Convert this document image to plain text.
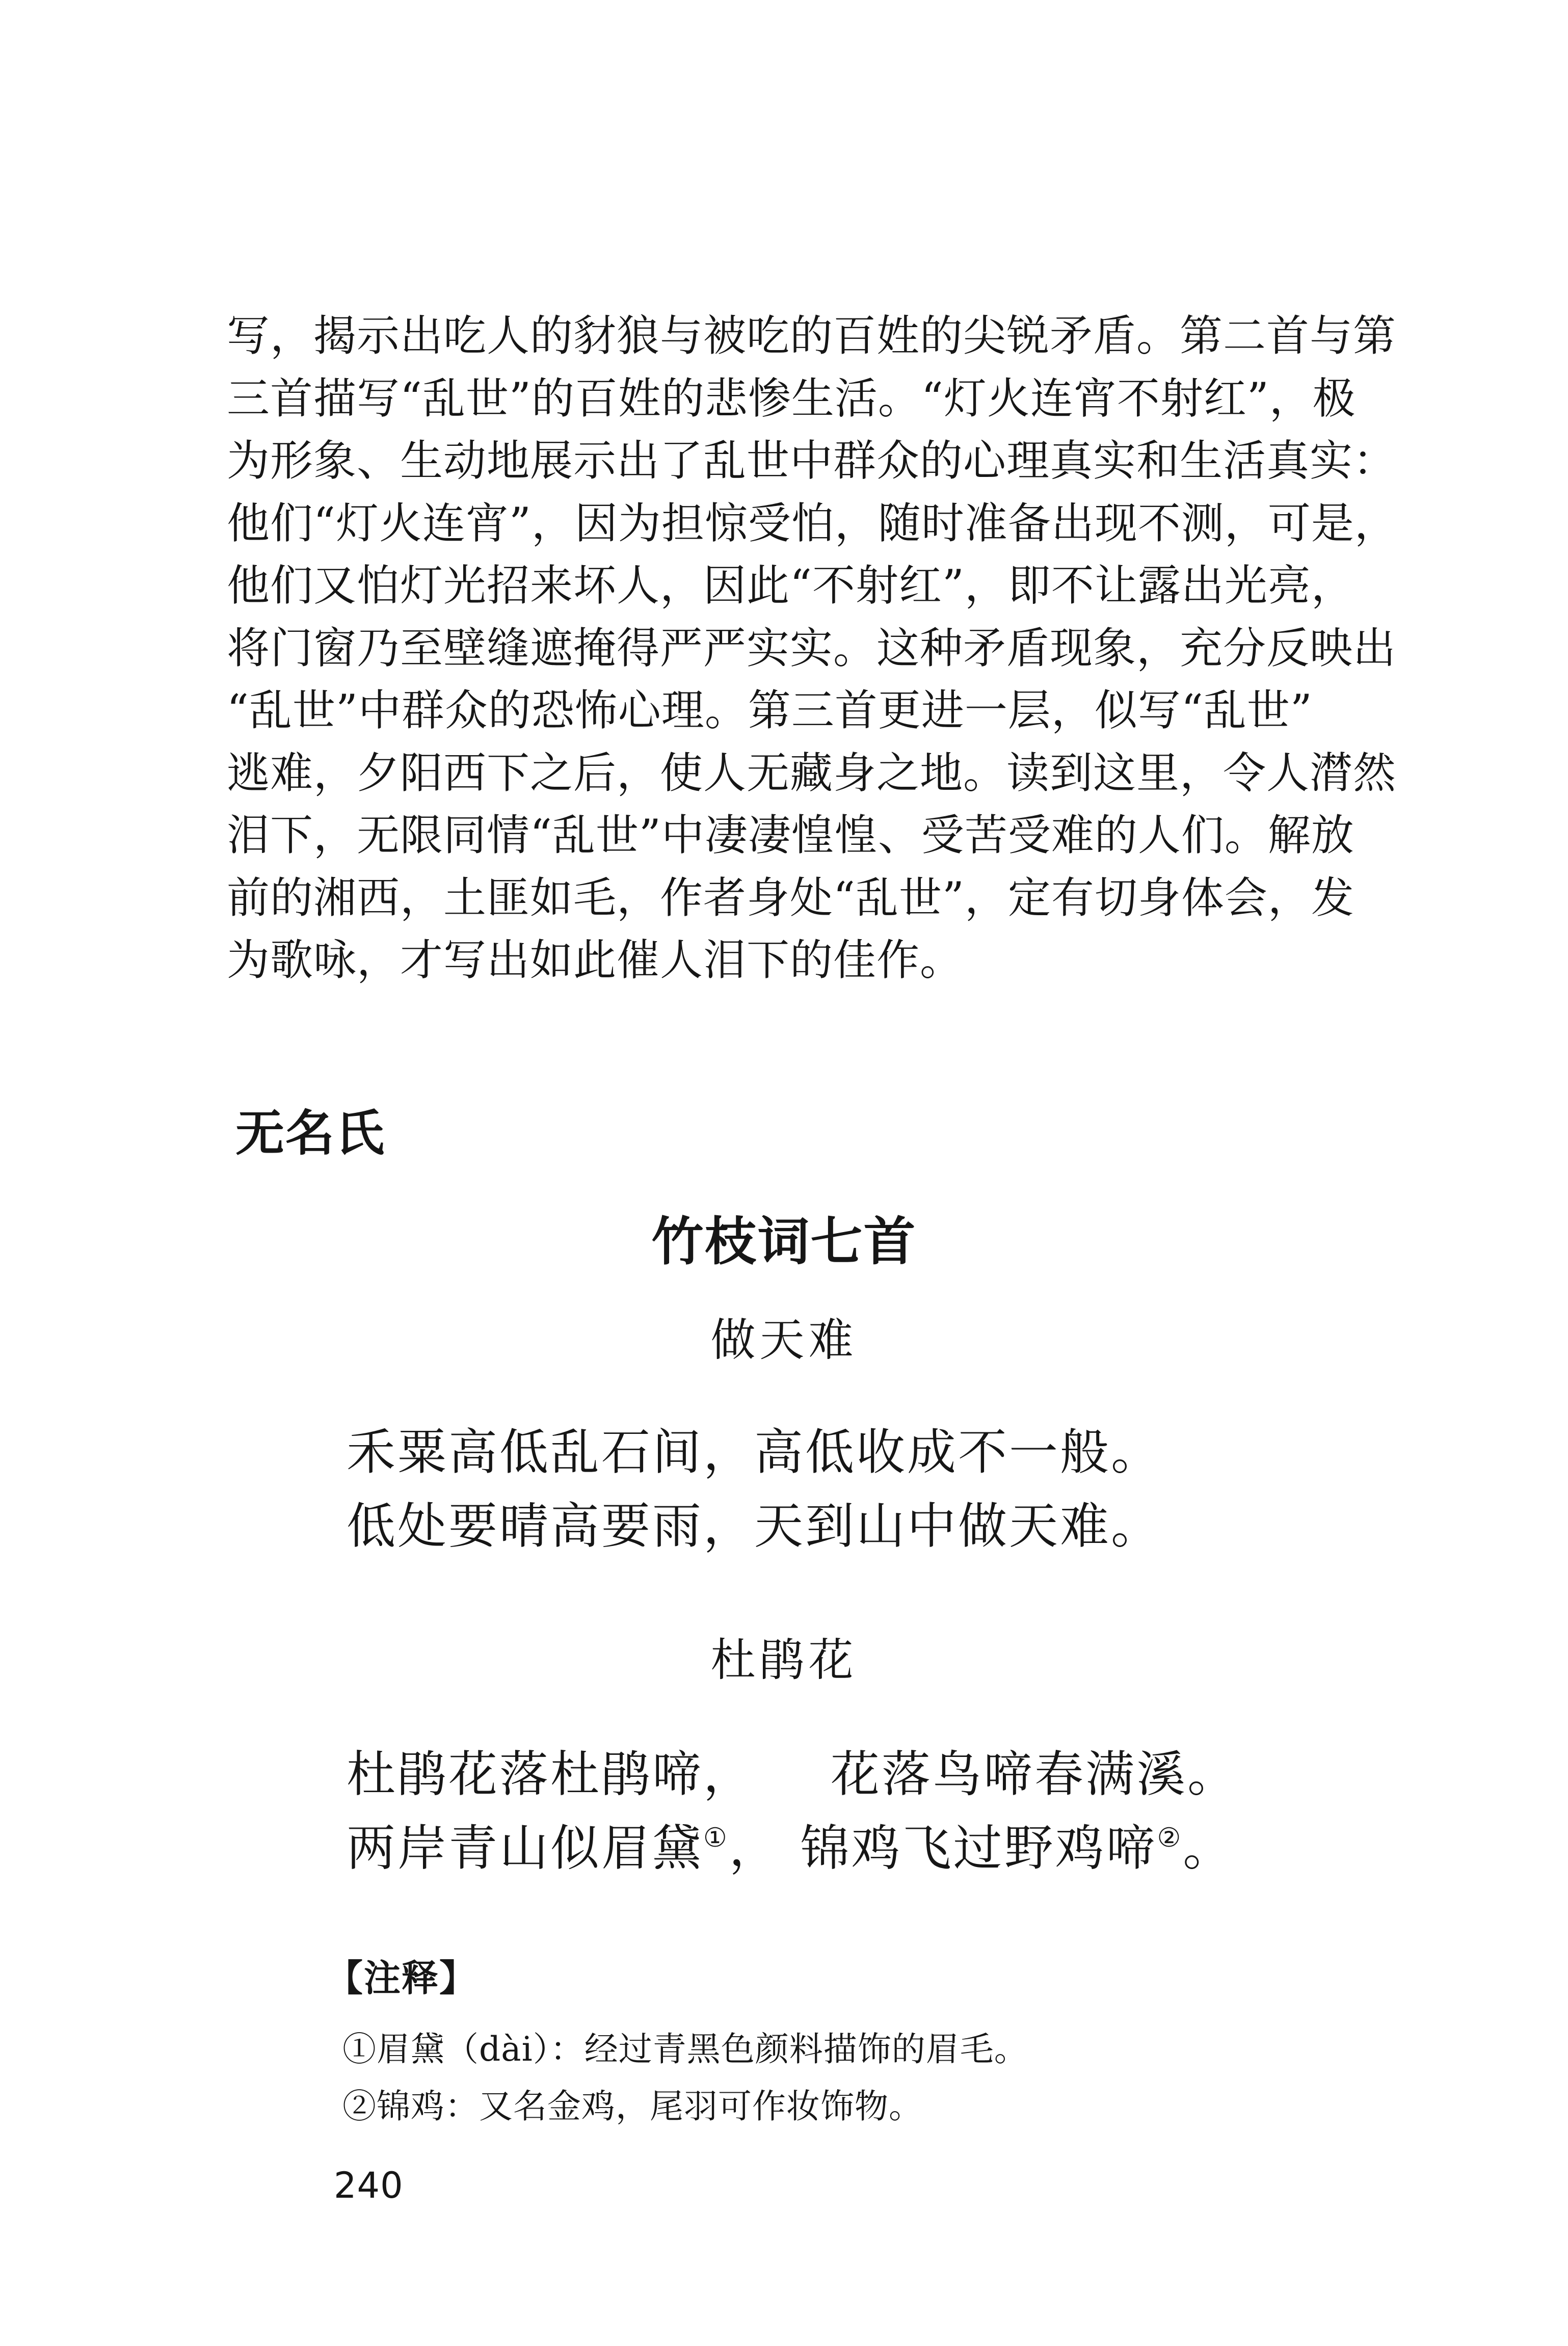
写，揭示出吃人的豺狼与被吃的百姓的尖锐矛盾。第二首与第

三首描写“乱世”的百姓的悲惨生活。“灯火连宵不射红”，极

为形象、生动地展示出了乱世中群众的心理真实和生活真实：

他们“灯火连宵”，因为担惊受怕，随时准备出现不测，可是，

他们又怕灯光招来坏人，因此“不射红”，即不让露出光亮，

将门窗乃至壁缝遮掩得严严实实。这种矛盾现象，充分反映出

“乱世”中群众的恐怖心理。第三首更进一层，似写“乱世”

逃难，夕阳西下之后，使人无藏身之地。读到这里，令人潸然

泪下，无限同情“乱世”中凄凄惶惶、受苦受难的人们。解放

前的湘西，土匪如毛，作者身处“乱世”，定有切身体会，发

为歌咏，才写出如此催人泪下的佳作。

无名氏
竹枝词七首
做天难
禾粟高低乱石间，高低收成不一般。
低处要晴高要雨，天到山中做天难。
杜鹃花
杜鹃花落杜鹃啼， 花落鸟啼春满溪。
两岸青山似眉黛①， 锦鸡飞过野鸡啼②。
【注释】
①眉黛（dài）：经过青黑色颜料描饰的眉毛。
②锦鸡：又名金鸡，尾羽可作妆饰物。
240
